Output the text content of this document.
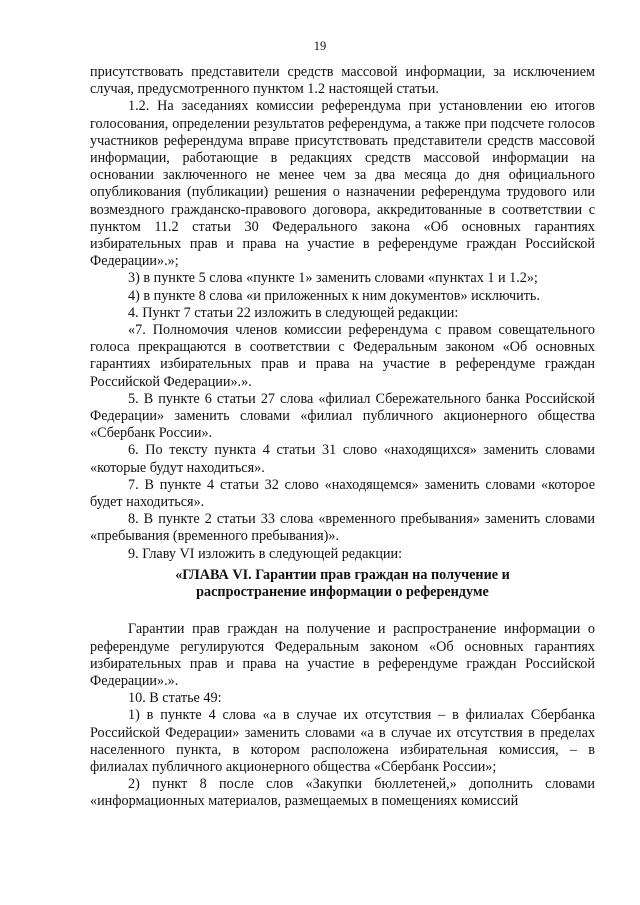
19

присутствовать представители средств массовой информации, за исключением случая, предусмотренного пунктом 1.2 настоящей статьи.

1.2. На заседаниях комиссии референдума при установлении ею итогов голосования, определении результатов референдума, а также при подсчете голосов участников референдума вправе присутствовать представители средств массовой информации, работающие в редакциях средств массовой информации на основании заключенного не менее чем за два месяца до дня официального опубликования (публикации) решения о назначении референдума трудового или возмездного гражданско-правового договора, аккредитованные в соответствии с пунктом 11.2 статьи 30 Федерального закона «Об основных гарантиях избирательных прав и права на участие в референдуме граждан Российской Федерации».»;

3) в пункте 5 слова «пункте 1» заменить словами «пунктах 1 и 1.2»;

4) в пункте 8 слова «и приложенных к ним документов» исключить.

4. Пункт 7 статьи 22 изложить в следующей редакции:

«7. Полномочия членов комиссии референдума с правом совещательного голоса прекращаются в соответствии с Федеральным законом «Об основных гарантиях избирательных прав и права на участие в референдуме граждан Российской Федерации».».

5. В пункте 6 статьи 27 слова «филиал Сбережательного банка Российской Федерации» заменить словами «филиал публичного акционерного общества «Сбербанк России».

6. По тексту пункта 4 статьи 31 слово «находящихся» заменить словами «которые будут находиться».

7. В пункте 4 статьи 32 слово «находящемся» заменить словами «которое будет находиться».

8. В пункте 2 статьи 33 слова «временного пребывания» заменить словами «пребывания (временного пребывания)».

9. Главу VI изложить в следующей редакции:

«ГЛАВА VI. Гарантии прав граждан на получение и
распространение информации о референдуме

Гарантии прав граждан на получение и распространение информации о референдуме регулируются Федеральным законом «Об основных гарантиях избирательных прав и права на участие в референдуме граждан Российской Федерации».».

10. В статье 49:

1) в пункте 4 слова «а в случае их отсутствия – в филиалах Сбербанка Российской Федерации» заменить словами «а в случае их отсутствия в пределах населенного пункта, в котором расположена избирательная комиссия, – в филиалах публичного акционерного общества «Сбербанк России»;

2) пункт 8 после слов «Закупки бюллетеней,» дополнить словами «информационных материалов, размещаемых в помещениях комиссий
